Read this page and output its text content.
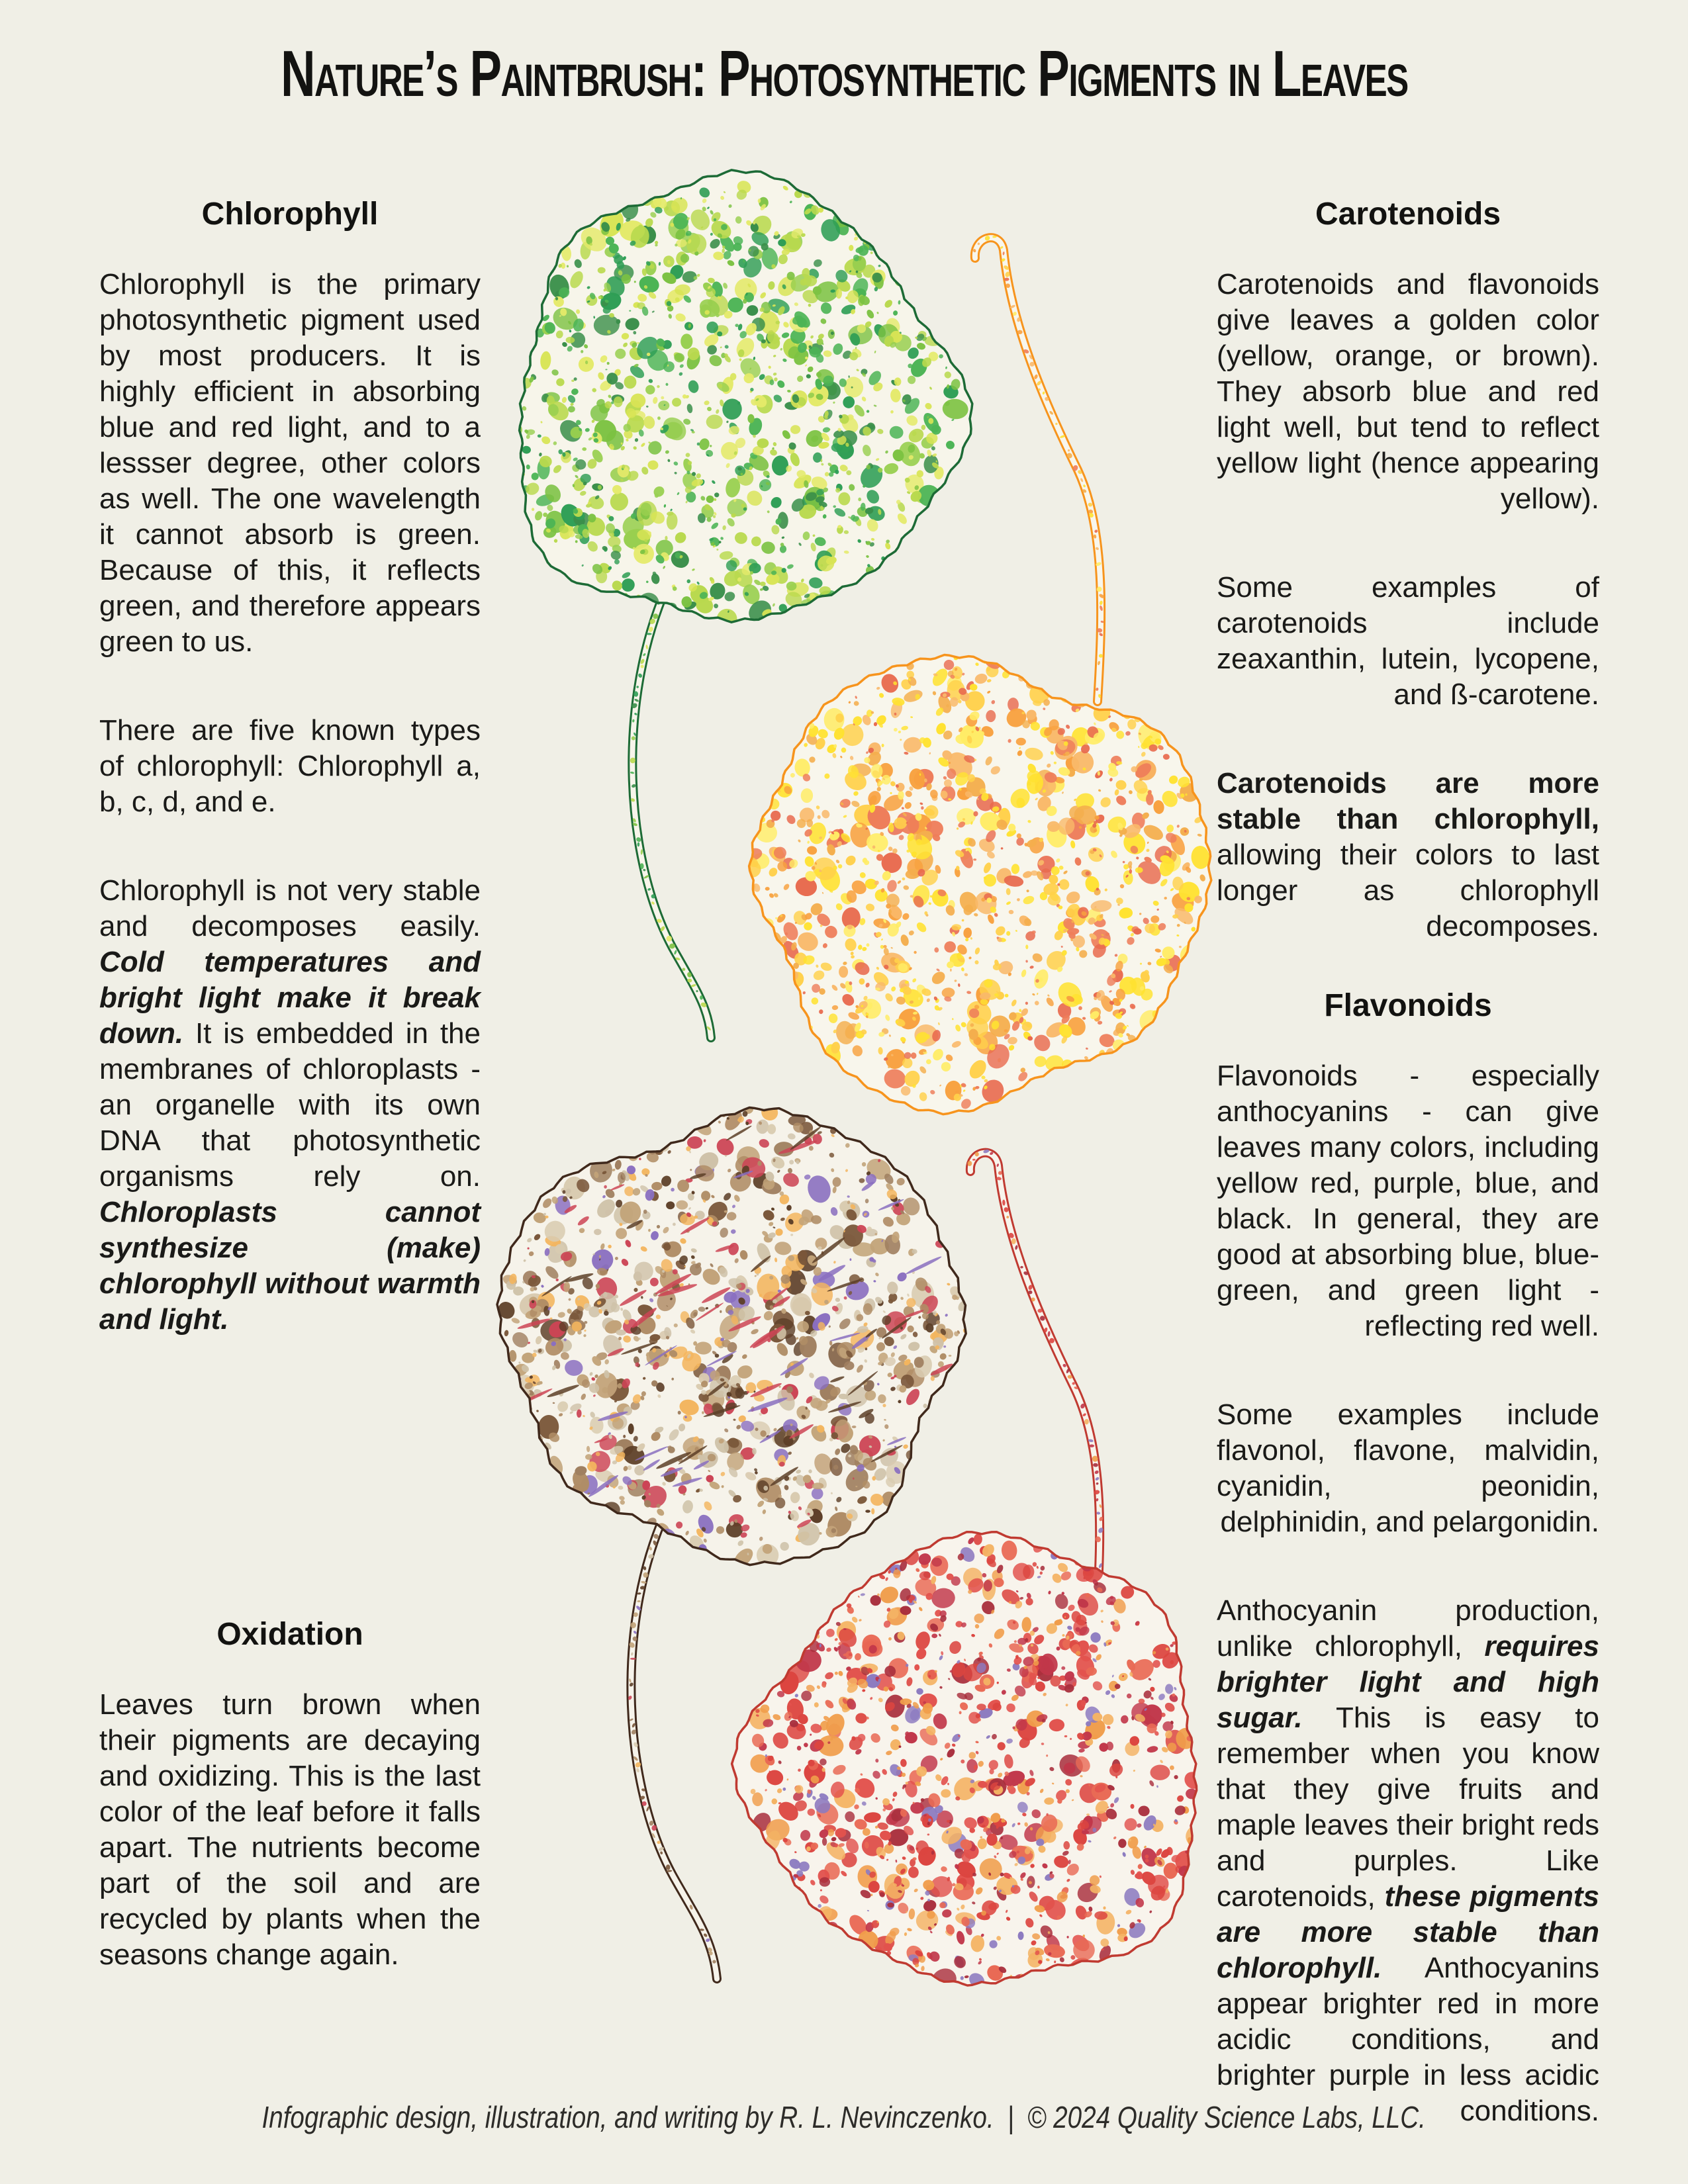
Nature’s Paintbrush: Photosynthetic Pigments in Leaves
Chlorophyll

Chlorophyll is the primary photosynthetic pigment used by most producers. It is highly efficient in absorbing blue and red light, and to a lessser degree, other colors as well. The one wavelength it cannot absorb is green. Because of this, it reflects green, and therefore appears green to us.

There are five known types of chlorophyll: Chlorophyll a, b, c, d, and e.

Chlorophyll is not very stable and decomposes easily. Cold temperatures and bright light make it break down. It is embedded in the membranes of chloroplasts - an organelle with its own DNA that photosynthetic organisms rely on. Chloroplasts cannot synthesize (make) chlorophyll without warmth and light.

Oxidation

Leaves turn brown when their pigments are decaying and oxidizing. This is the last color of the leaf before it falls apart. The nutrients become part of the soil and are recycled by plants when the seasons change again.

Carotenoids

Carotenoids and flavonoids give leaves a golden color (yellow, orange, or brown). They absorb blue and red light well, but tend to reflect yellow light (hence appearing yellow).

Some examples of carotenoids include zeaxanthin, lutein, lycopene, and ß-carotene.

Carotenoids are more stable than chlorophyll, allowing their colors to last longer as chlorophyll decomposes.

Flavonoids

Flavonoids - especially anthocyanins - can give leaves many colors, including yellow red, purple, blue, and black. In general, they are good at absorbing blue, blue-green, and green light - reflecting red well.

Some examples include flavonol, flavone, malvidin, cyanidin, peonidin, delphinidin, and pelargonidin.

Anthocyanin production, unlike chlorophyll, requires brighter light and high sugar. This is easy to remember when you know that they give fruits and maple leaves their bright reds and purples. Like carotenoids, these pigments are more stable than chlorophyll. Anthocyanins appear brighter red in more acidic conditions, and brighter purple in less acidic conditions.

Infographic design, illustration, and writing by R. L. Nevinczenko. | © 2024 Quality Science Labs, LLC.
